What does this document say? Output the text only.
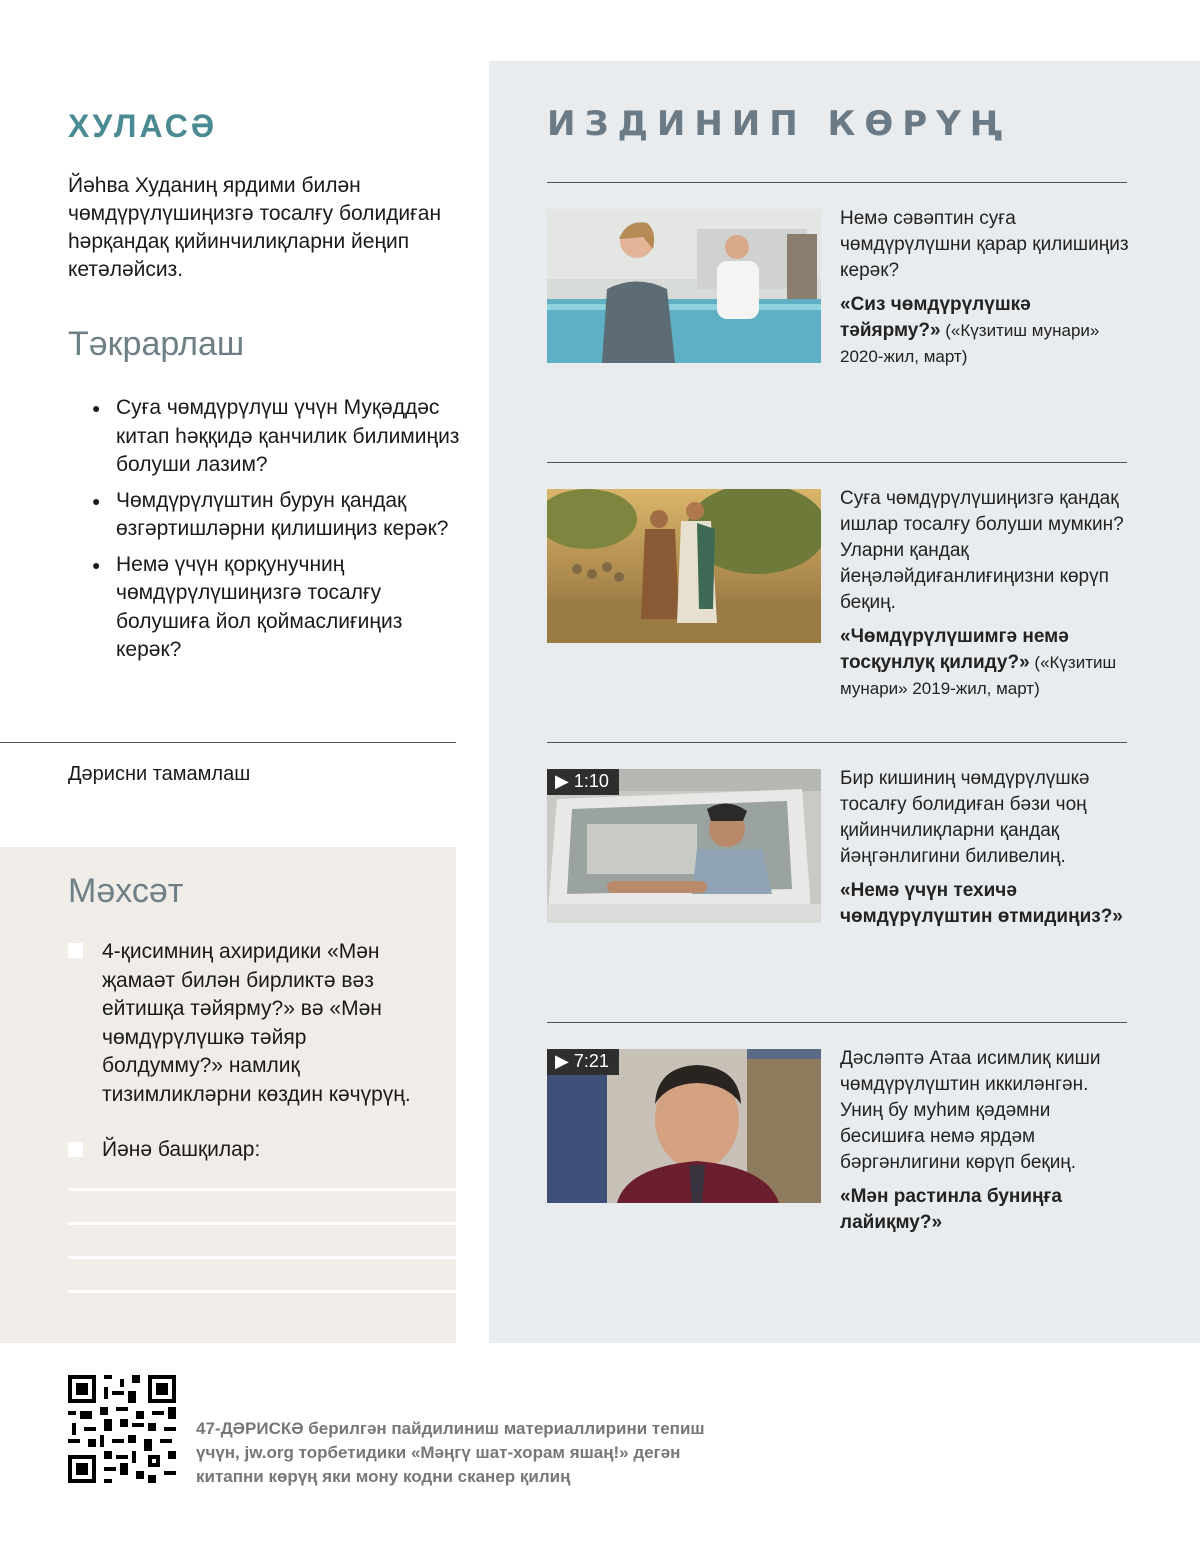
ХУЛАСӘ
Йәһва Худаниң ярдими билән чөмдүрүлүшиңизгә тосалғу болидиған һәрқандақ қийинчилиқларни йеңип кетәләйсиз.
Тәкрарлаш
● Суға чөмдүрүлүш үчүн Муқәддәс китап һәққидә қанчилик билимиңиз болуши лазим?
● Чөмдүрүлүштин бурун қандақ өзгәртишләрни қилишиңиз керәк?
● Немә үчүн қорқунучниң чөмдүрүлүшиңизгә тосалғу болушиға йол қоймаслиғиңиз керәк?
Дәрисни тамамлаш
Мәхсәт
4-қисимниң ахиридики «Мән җамаәт билән бирликтә вәз ейтишқа тәйярму?» вә «Мән чөмдүрүлүшкә тәйяр болдумму?» намлиқ тизимликләрни көздин кәчүрүң.
Йәнә башқилар:
ИЗДИНИП КӨРҮҢ

Немә сәвәптин суға чөмдүрүлүшни қарар қилишиңиз керәк?

«Сиз чөмдүрүлүшкә тәйярму?» («Күзитиш мунари» 2020-жил, март)

Суға чөмдүрүлүшиңизгә қандақ ишлар тосалғу болуши мумкин? Уларни қандақ йеңәләйдиғанлиғиңизни көрүп беқиң.

«Чөмдүрүлүшимгә немә тосқунлуқ қилиду?» («Күзитиш мунари» 2019-жил, март)
▶ 1:10	Бир кишиниң чөмдүрүлүшкә тосалғу болидиған бәзи чоң қийинчилиқларни қандақ йәңгәнлигини биливелиң.

«Немә үчүн техичә чөмдүрүлүштин өтмидиңиз?»
▶ 7:21	Дәсләптә Атаа исимлиқ киши чөмдүрүлүштин иккиләнгән. Униң бу муһим қәдәмни бесишиға немә ярдәм бәргәнлигини көрүп беқиң.

«Мән растинла буниңға лайиқму?»
47-ДӘРИСКӘ берилгән пайдилиниш материаллирини тепиш үчүн, jw.org торбетидики «Мәңгү шат-хорам яшаң!» дегән китапни көрүң яки мону кодни сканер қилиң
